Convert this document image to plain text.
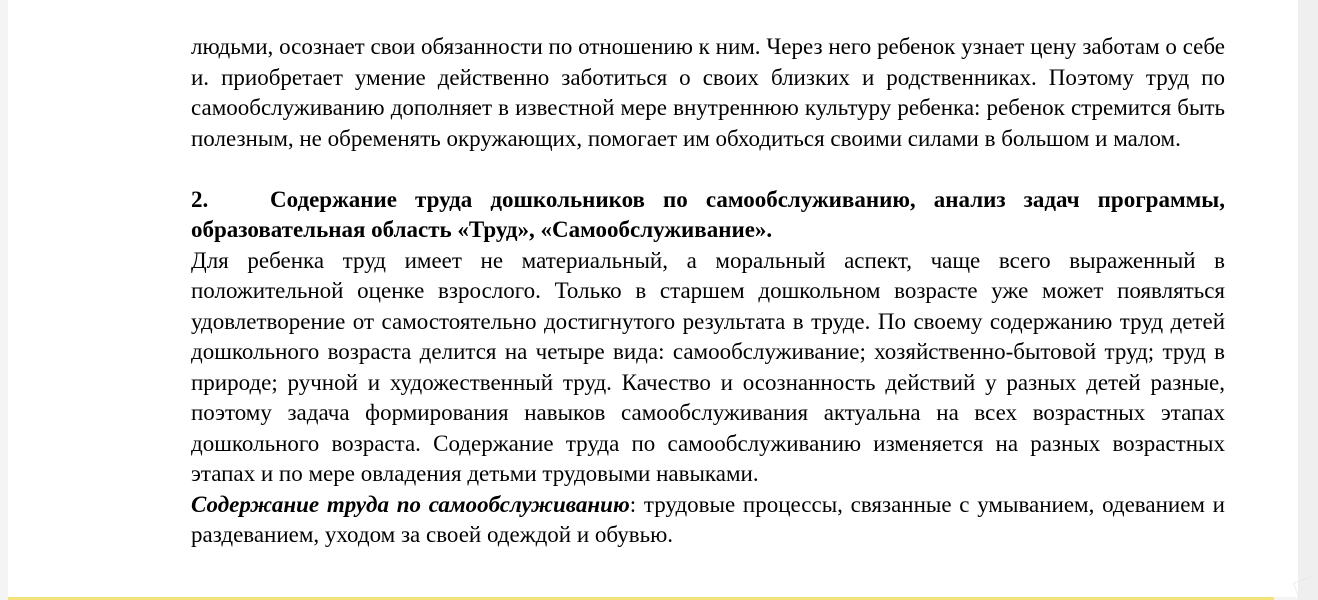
людьми, осознает свои обязанности по отношению к ним. Через него ребенок узнает цену заботам о себе и. приобретает умение действенно заботиться о своих близких и родственниках. Поэтому труд по самообслуживанию дополняет в известной мере внутреннюю культуру ребенка: ребенок стремится быть полезным, не обременять окружающих, помогает им обходиться своими силами в большом и малом.

2.	Содержание труда дошкольников по самообслуживанию, анализ задач программы, образовательная область «Труд», «Самообслуживание».

Для ребенка труд имеет не материальный, а моральный аспект, чаще всего выраженный в положительной оценке взрослого. Только в старшем дошкольном возрасте уже может появляться удовлетворение от самостоятельно достигнутого результата в труде. По своему содержанию труд детей дошкольного возраста делится на четыре вида: самообслуживание; хозяйственно-бытовой труд; труд в природе; ручной и художественный труд. Качество и осознанность действий у разных детей разные, поэтому задача формирования навыков самообслуживания актуальна на всех возрастных этапах дошкольного возраста. Содержание труда по самообслуживанию изменяется на разных возрастных этапах и по мере овладения детьми трудовыми навыками.

Содержание труда по самообслуживанию: трудовые процессы, связанные с умыванием, одеванием и раздеванием, уходом за своей одеждой и обувью.
